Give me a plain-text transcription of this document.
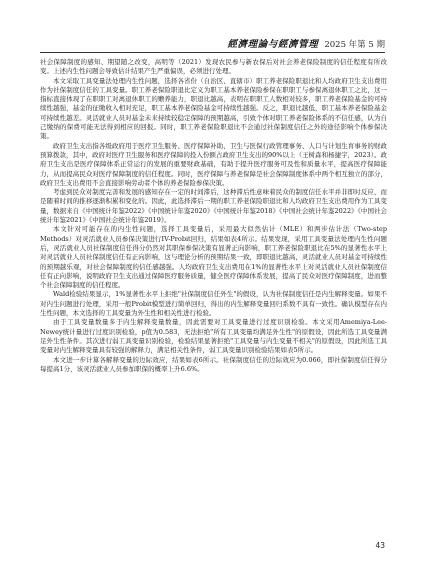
經濟理論与經濟管理 2025 年第 5 期

社会保障制度的感知、期望随之改变，高明等（2021）发现农民参与新农保后对社会养老保险制度的信任程度有所改变。上述内生性问题会导致估计结果产生严重偏误，必须进行处理。

本文采取工具变量法处理内生性问题，选择各省份（自治区、直辖市）职工养老保险职退比和人均政府卫生支出费用作为社保制度信任的工具变量。职工养老保险职退比定义为职工基本养老保险参保在职职工与参保离退休职工之比，这一指标直接体现了在职职工对离退休职工的赡养能力，职退比越高，表明在职职工人数相对较多，职工养老保险基金的可持续性越强，基金的征缴收入相对充足，职工基本养老保险基金可持续性越强。反之，职退比越低，职工基本养老保险基金可持续性越差。灵活就业人员对基金未来持续较稳定保障的预期越高，引致个体对职工养老保险体系的不信任感，认为自己缴纳的保费可能无法得到相应的回报。同时，职工养老保险职退比不会通过社保制度信任之外的途径影响个体参保决策。

政府卫生支出指各级政府用于医疗卫生服务、医疗保障补助、卫生与医保行政管理事务、人口与计划生育事务的财政预算拨款，其中，政府对医疗卫生服务和医疗保障的投入份额占政府卫生支出的90%以上（王树森和杨捷宇，2023）。政府卫生支出是医疗保障体系正常运行的发展的重要财政基础，有助于提升医疗服务可及性和质量水平，提高医疗保障能力，从而提高民众对医疗保障制度的信任程度。同时，医疗保障与养老保障是社会保障制度体系中两个相互独立的部分，政府卫生支出费用不会直接影响劳动者个体的养老保险参保决策。

考虑到民众对制度完善和发展的感知存在一定的时间滞后，这种滞后性意味着民众的制度信任水平并非即时反应，而是随着时间的推移逐渐积累和变化的。因此，此选择滞后一期的职工养老保险职退比和人均政府卫生支出费用作为工具变量，数据来自《中国统计年鉴2022》《中国统计年鉴2020》《中国统计年鉴2018》《中国社会统计年鉴2022》《中国社会统计年鉴2021》《中国社会统计年鉴2019》。

本文针对可能存在的内生性问题，选择工具变量后，采用最大似然估计（MLE）和两步估计法（Two-step Methods）对灵活就业人员参保决策进行IV-Probit回归，结果如表4所示。结果发现，采用工具变量法处理内生性问题后，灵活就业人员社保制度信任得分仍然对其职保参保决策有显著正向影响，职工养老保险职退比在5%的显著性水平上对灵活就业人员社保制度信任有正向影响，这与理论分析的预期结果一致，即职退比越高，灵活就业人员对基金可持续性的预期越乐观，对社会保障制度的信任感越强。人均政府卫生支出费用在1%的显著性水平上对灵活就业人员社保制度信任有正向影响，说明政府卫生支出通过保障医疗服务质量，健全医疗保障体系发展，提高了民众对医疗保障制度，进而整个社会保障制度的信任程度。

Wald检验结果显示，1%显著性水平上拒绝"社保制度信任外生"的假设，认为社保制度信任是内生解释变量。如果不对内生问题进行处理，采用一般Probit模型进行简单回归，得出的内生解释变量回归系数不具有一致性。确认模型存在内生性问题，本文选择的工具变量为外生性和相关性进行检验。

由于工具变量数量多于内生解释变量数量，因此需要对工具变量进行过度识别检验。本文采用Amemiya-Lee-Newey统计量进行过度识别检验，p值为0.583，无法拒绝"所有工具变量均满足外生性"的原假设，因此所选工具变量满足外生性条件。其次进行弱工具变量识别检验，检验结果显著拒绝"工具变量与内生变量不相关"的原假设，因此所选工具变量对内生解释变量具有较强的解释力，满足相关性条件，弱工具变量识别检验结果如表5所示。

本文进一步计算各解释变量的边际效应，结果如表6所示。社保制度信任的边际效应为0.066，即社保制度信任得分每提高1分，该灵活就业人员参加职保的概率上升6.6%。

43
